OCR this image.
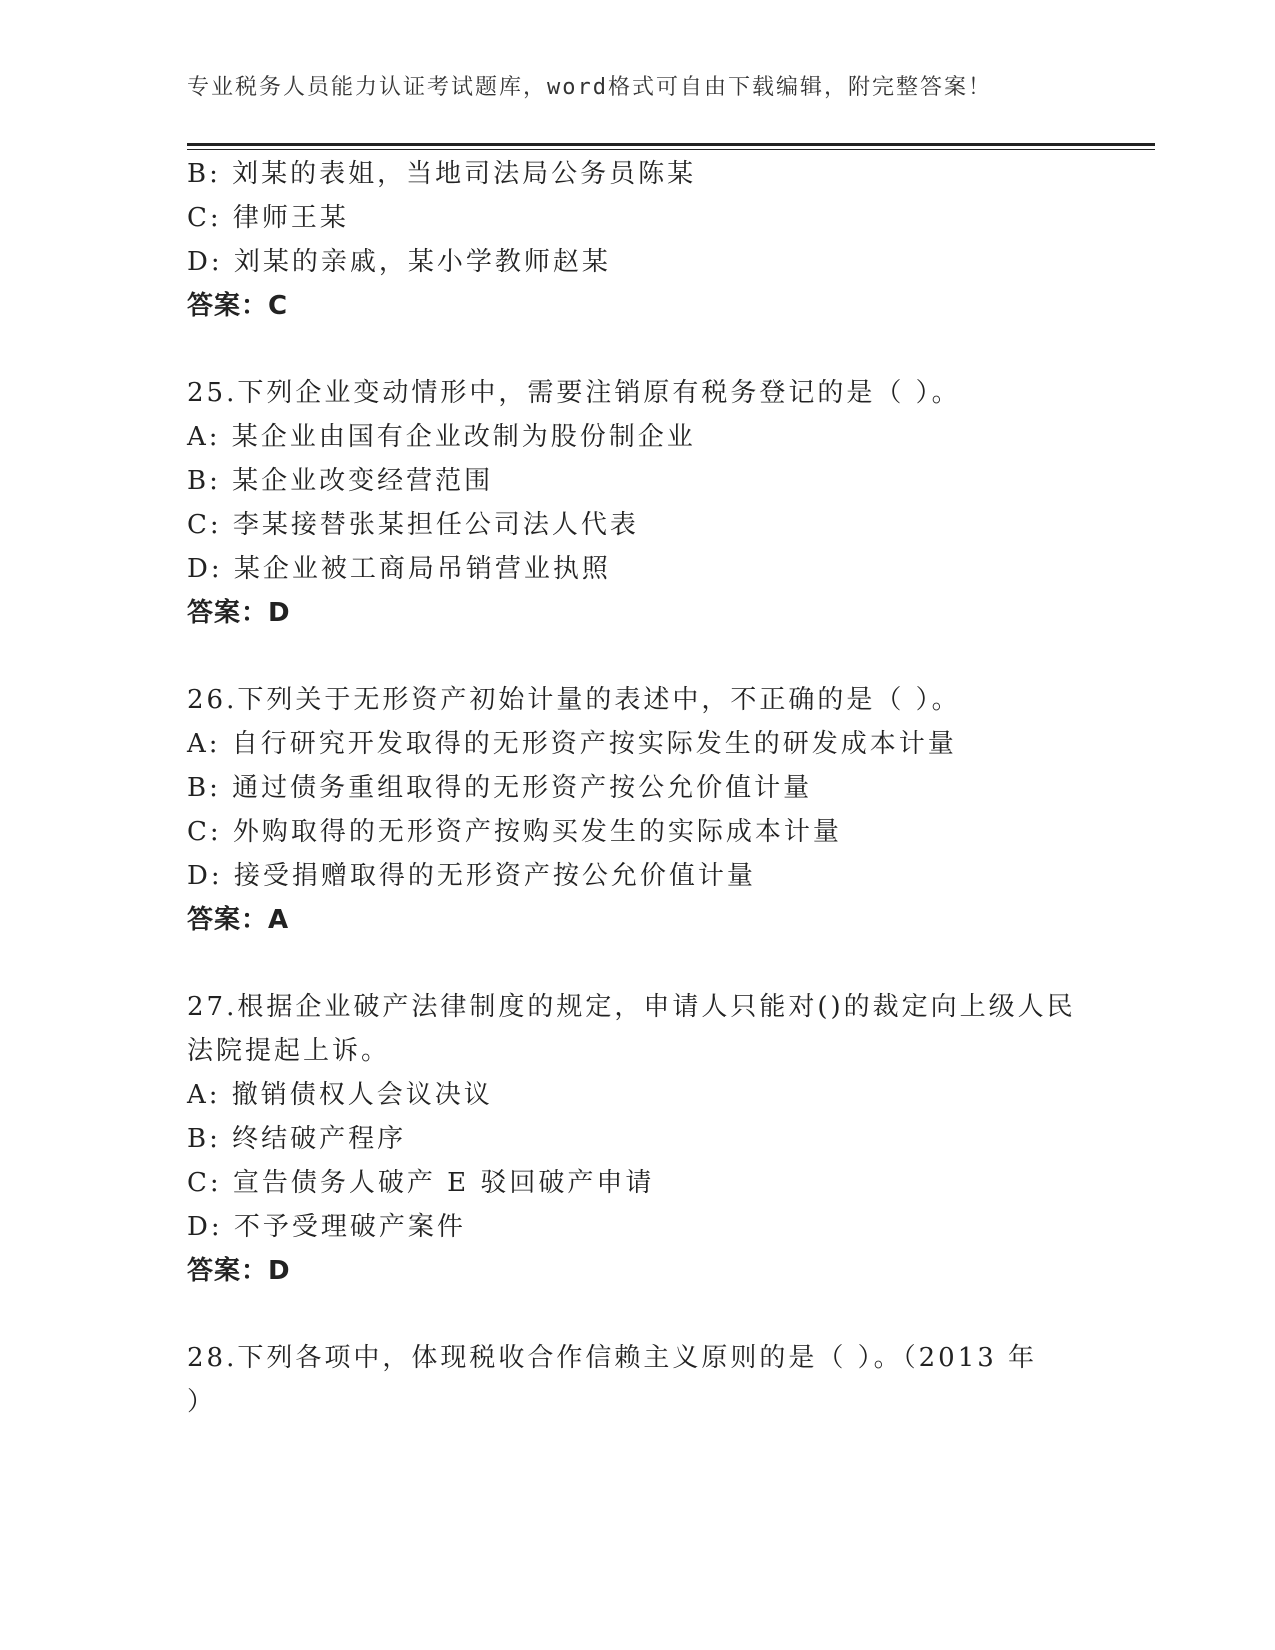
专业税务人员能力认证考试题库，word格式可自由下载编辑，附完整答案！
B: 刘某的表姐，当地司法局公务员陈某
C: 律师王某
D: 刘某的亲戚，某小学教师赵某
答案：C
25.下列企业变动情形中，需要注销原有税务登记的是（ ）。
A: 某企业由国有企业改制为股份制企业
B: 某企业改变经营范围
C: 李某接替张某担任公司法人代表
D: 某企业被工商局吊销营业执照
答案：D
26.下列关于无形资产初始计量的表述中，不正确的是（ ）。
A: 自行研究开发取得的无形资产按实际发生的研发成本计量
B: 通过债务重组取得的无形资产按公允价值计量
C: 外购取得的无形资产按购买发生的实际成本计量
D: 接受捐赠取得的无形资产按公允价值计量
答案：A
27.根据企业破产法律制度的规定，申请人只能对()的裁定向上级人民
法院提起上诉。
A: 撤销债权人会议决议
B: 终结破产程序
C: 宣告债务人破产 E 驳回破产申请
D: 不予受理破产案件
答案：D
28.下列各项中，体现税收合作信赖主义原则的是（ ）。（2013 年
）
